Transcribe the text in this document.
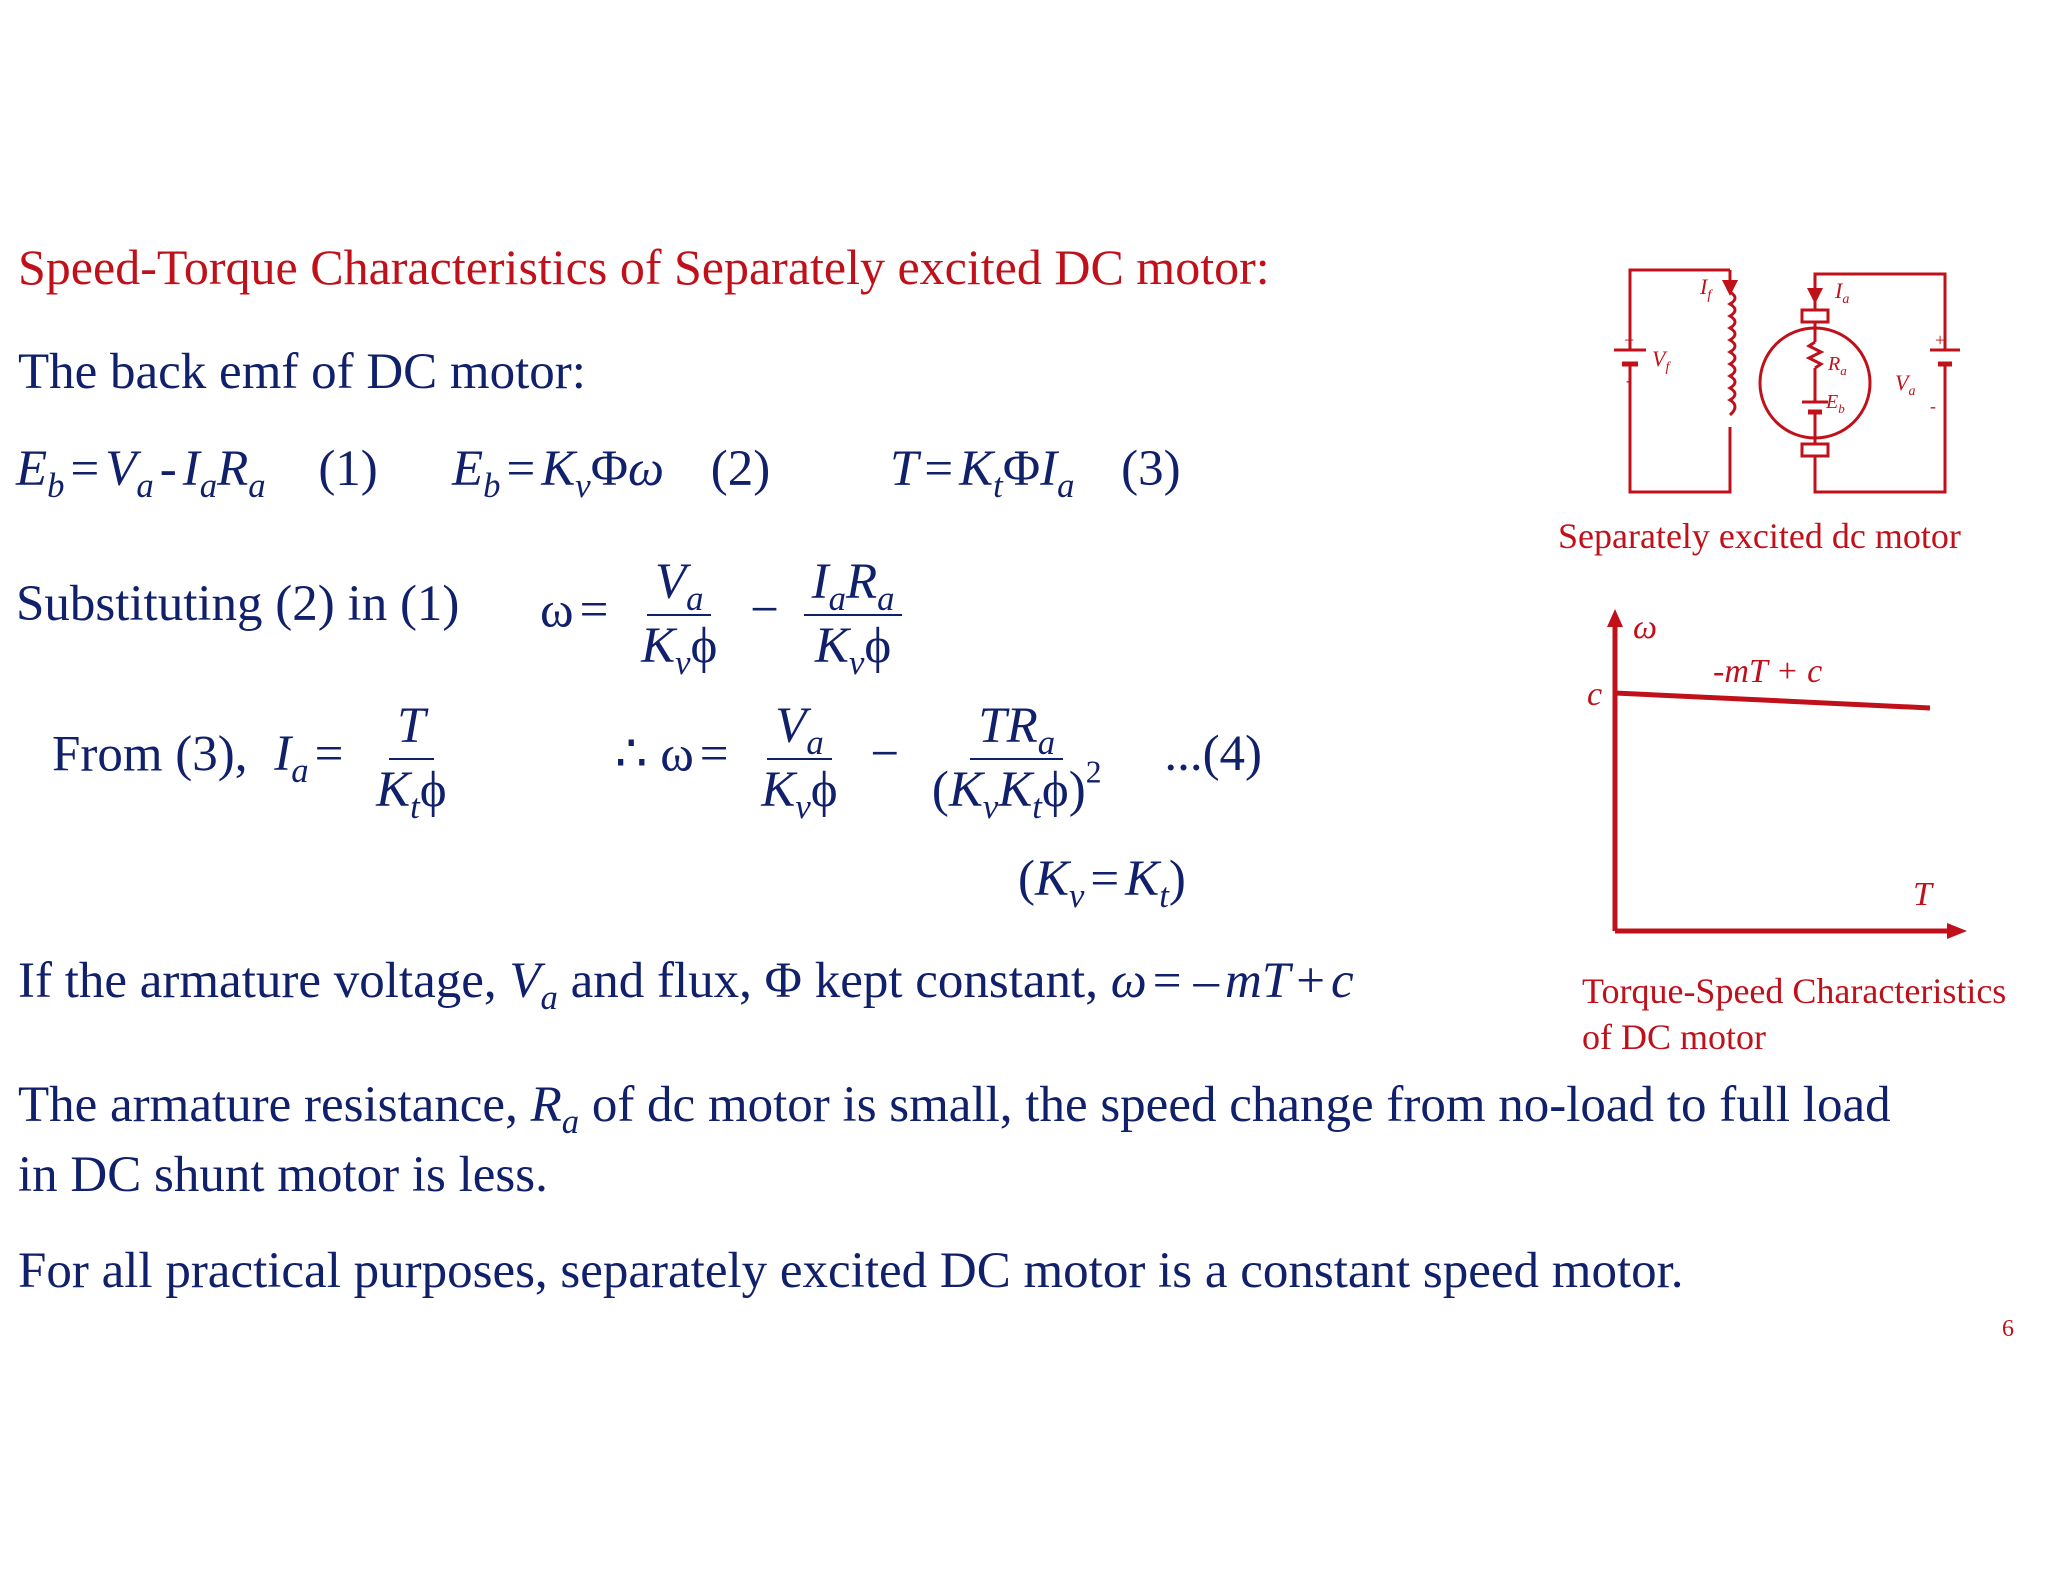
Speed-Torque Characteristics of Separately excited DC motor:
The back emf of DC motor:
$E_b = V_a - I_aR_a$ (1) $E_b = K_v\Phi\omega$ (2) $T = K_t\Phi I_a$ (3)
Substituting (2) in (1) $\omega = \frac{V_a}{K_v\phi} - \frac{I_aR_a}{K_v\phi}$
From (3), $I_a = \frac{T}{K_t\phi}$	∴ $\omega = \frac{V_a}{K_v\phi} - \frac{TR_a}{(K_vK_t\phi)^2} ...(4)$
$(K_v = K_t)$
If the armature voltage, $V_a$ and flux, Φ kept constant, ω = – mT + c
The armature resistance, $R_a$ of dc motor is small, the speed change from no-load to full load
in DC shunt motor is less.
For all practical purposes, separately excited DC motor is a constant speed motor.
6
$I_f$	$I_a$
$V_f$
$V_a$
$R_a$
$E_b$
+
-
+
-
Separately excited dc motor
ω
T
c
-mT + c
Torque-Speed Characteristics
of DC motor
